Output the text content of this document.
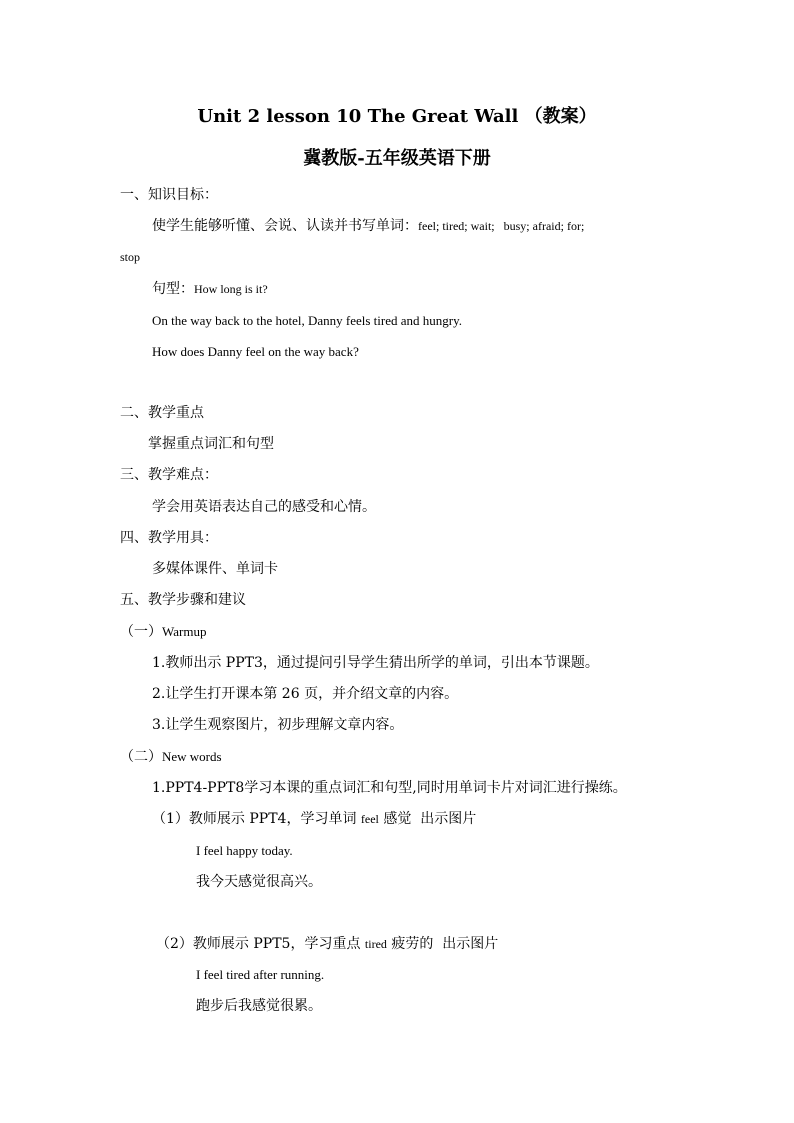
Unit 2 lesson 10 The Great Wall （教案）
冀教版-五年级英语下册
一、知识目标：
使学生能够听懂、会说、认读并书写单词：feel; tired; wait;   busy; afraid; for;
stop
句型：How long is it?
On the way back to the hotel, Danny feels tired and hungry.
How does Danny feel on the way back?
二、教学重点
掌握重点词汇和句型
三、教学难点：
学会用英语表达自己的感受和心情。
四、教学用具：
多媒体课件、单词卡
五、教学步骤和建议
（一）Warmup
1.教师出示 PPT3，通过提问引导学生猜出所学的单词，引出本节课题。
2.让学生打开课本第 26 页，并介绍文章的内容。
3.让学生观察图片，初步理解文章内容。
（二）New words
1.PPT4-PPT8学习本课的重点词汇和句型,同时用单词卡片对词汇进行操练。
（1）教师展示 PPT4，学习单词 feel 感觉  出示图片
I feel happy today.
我今天感觉很高兴。
（2）教师展示 PPT5，学习重点 tired 疲劳的  出示图片
I feel tired after running.
跑步后我感觉很累。
